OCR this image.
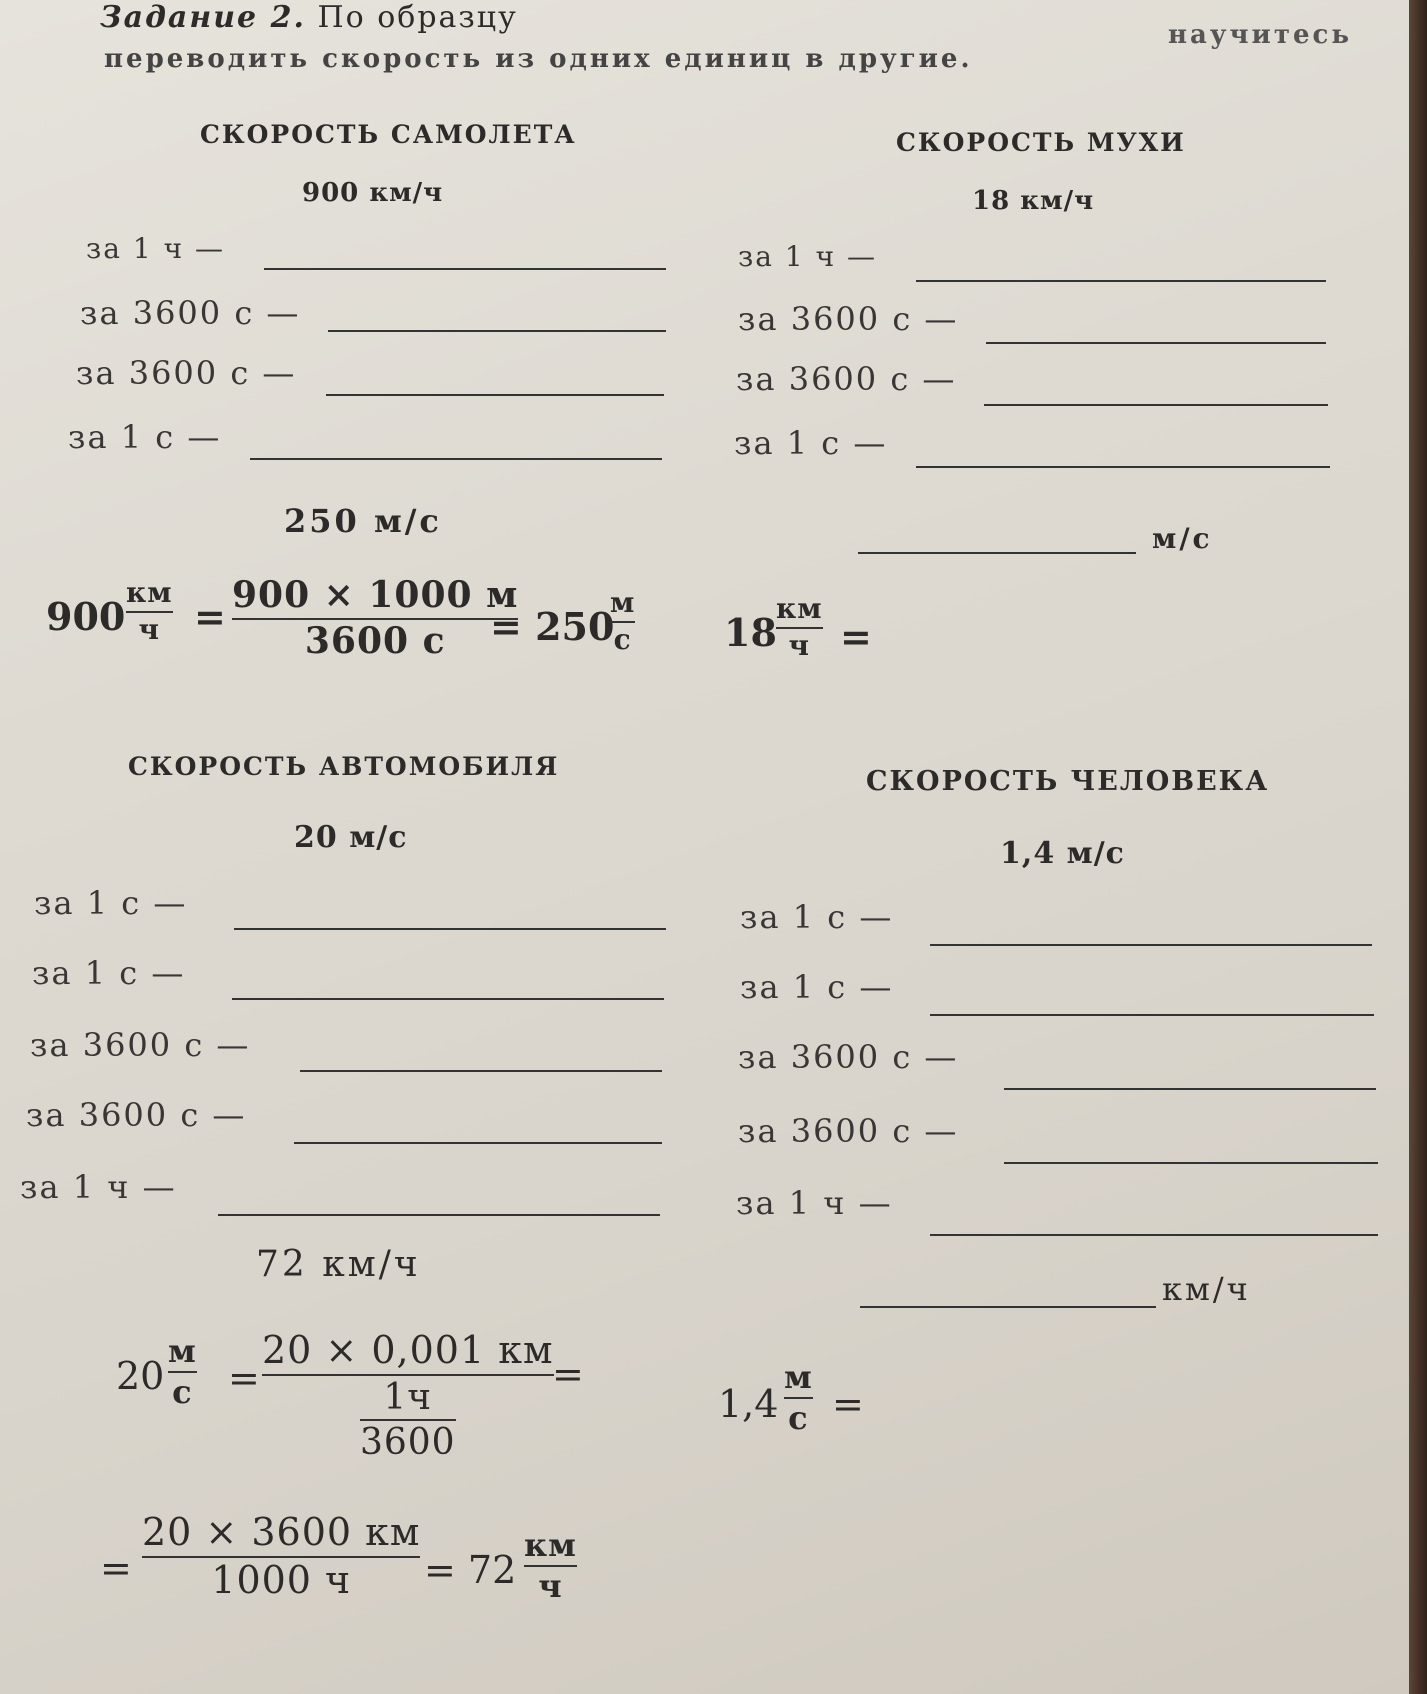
Задание 2. По образцу	научитесь
переводить скорость из одних единиц в другие.
СКОРОСТЬ САМОЛЕТА
900 км/ч
за 1 ч —
за 3600 с —
за 3600 с —
за 1 с —
250 м/с
900
км
ч = 900 × 1000 м
3600 с = 250
м
с
СКОРОСТЬ МУХИ
18 км/ч
за 1 ч —
за 3600 с —
за 3600 с —
за 1 с —
м/с
18
км
ч =
СКОРОСТЬ АВТОМОБИЛЯ
20 м/с
за 1 с —
за 1 с —
за 3600 с —
за 3600 с —
за 1 ч —
72 км/ч
20
м
с =
20 × 0,001 км
$\frac{1ч}{3600}$
=
=
20 × 3600 км
1000 ч = 72
км
ч
СКОРОСТЬ ЧЕЛОВЕКА
1,4 м/с
за 1 с —
за 1 с —
за 3600 с —
за 3600 с —
за 1 ч —
км/ч
1,4
м
с =
